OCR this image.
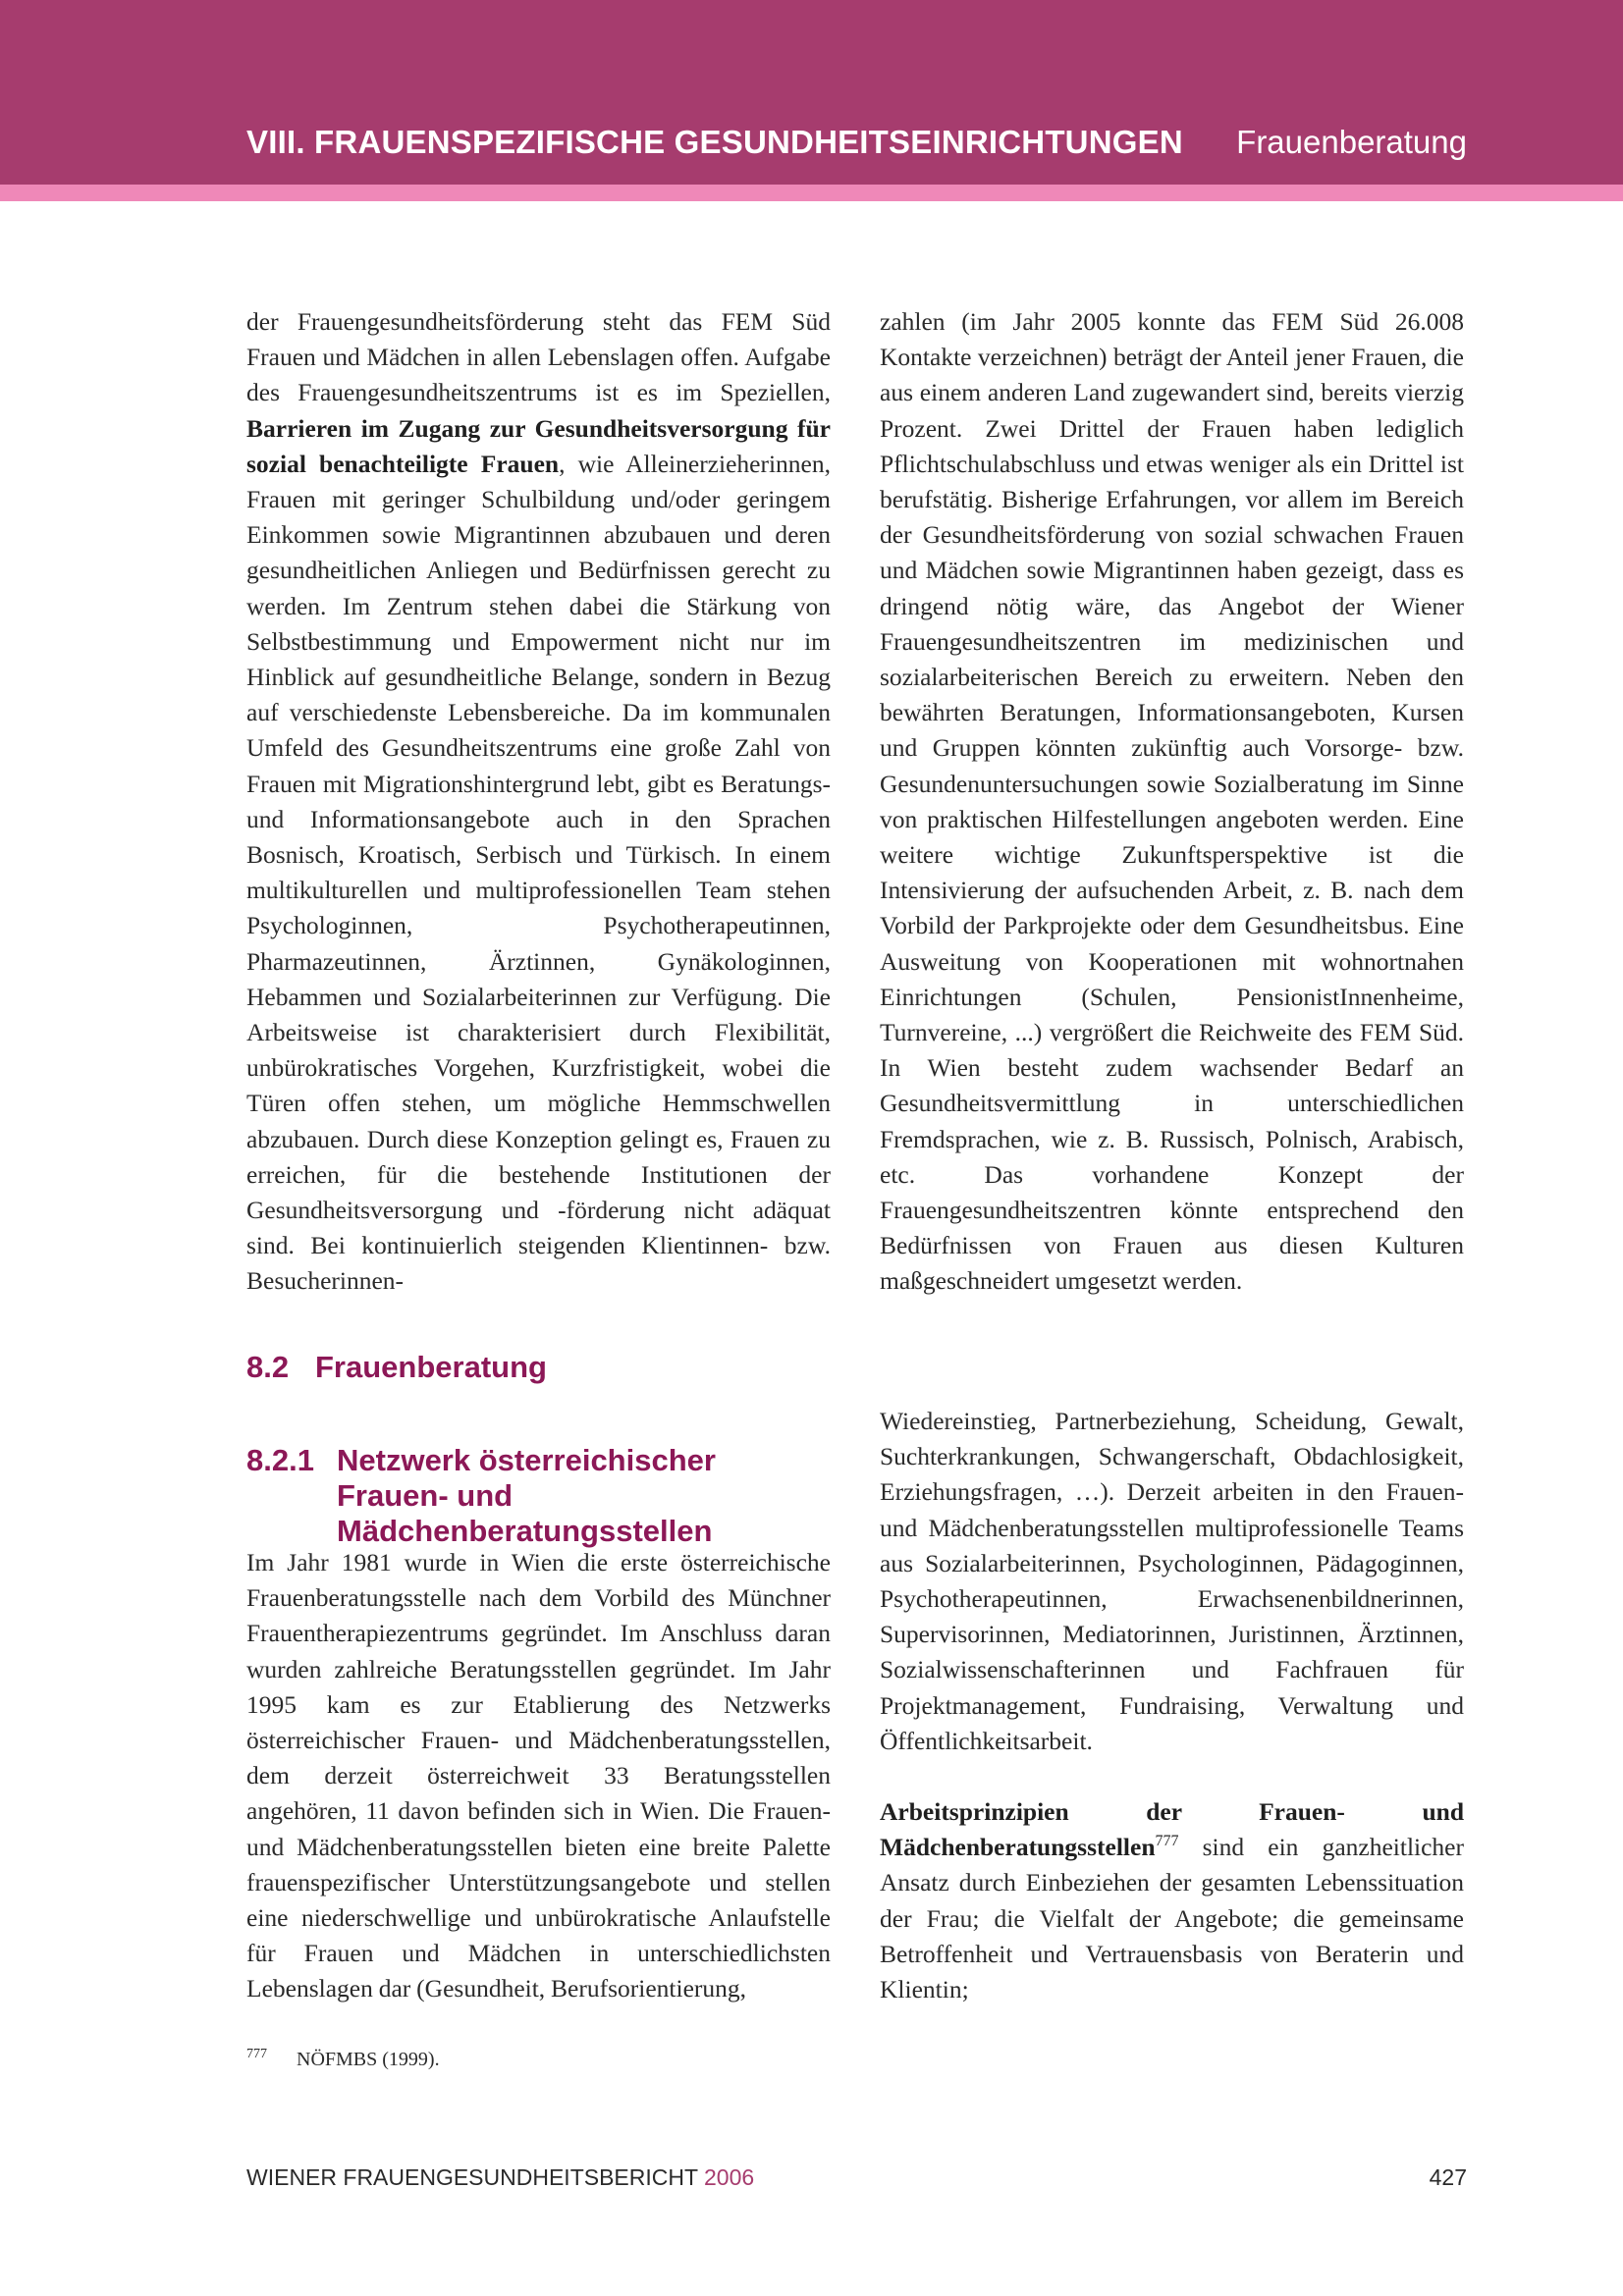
VIII. FRAUENSPEZIFISCHE GESUNDHEITSEINRICHTUNGEN Frauenberatung

der Frauengesundheitsförderung steht das FEM Süd Frauen und Mädchen in allen Lebenslagen offen. Aufgabe des Frauengesundheitszentrums ist es im Speziellen, Barrieren im Zugang zur Gesundheitsversorgung für sozial benachteiligte Frauen, wie Alleinerzieherinnen, Frauen mit geringer Schulbildung und/oder geringem Einkommen sowie Migrantinnen abzubauen und deren gesundheitlichen Anliegen und Bedürfnissen gerecht zu werden. Im Zentrum stehen dabei die Stärkung von Selbstbestimmung und Empowerment nicht nur im Hinblick auf gesundheitliche Belange, sondern in Bezug auf verschiedenste Lebensbereiche. Da im kommunalen Umfeld des Gesundheitszentrums eine große Zahl von Frauen mit Migrationshintergrund lebt, gibt es Beratungs- und Informationsangebote auch in den Sprachen Bosnisch, Kroatisch, Serbisch und Türkisch. In einem multikulturellen und multiprofessionellen Team stehen Psychologinnen, Psychotherapeutinnen, Pharmazeutinnen, Ärztinnen, Gynäkologinnen, Hebammen und Sozialarbeiterinnen zur Verfügung. Die Arbeitsweise ist charakterisiert durch Flexibilität, unbürokratisches Vorgehen, Kurzfristigkeit, wobei die Türen offen stehen, um mögliche Hemmschwellen abzubauen. Durch diese Konzeption gelingt es, Frauen zu erreichen, für die bestehende Institutionen der Gesundheitsversorgung und -förderung nicht adäquat sind. Bei kontinuierlich steigenden Klientinnen- bzw. Besucherinnen-

zahlen (im Jahr 2005 konnte das FEM Süd 26.008 Kontakte verzeichnen) beträgt der Anteil jener Frauen, die aus einem anderen Land zugewandert sind, bereits vierzig Prozent. Zwei Drittel der Frauen haben lediglich Pflichtschulabschluss und etwas weniger als ein Drittel ist berufstätig. Bisherige Erfahrungen, vor allem im Bereich der Gesundheitsförderung von sozial schwachen Frauen und Mädchen sowie Migrantinnen haben gezeigt, dass es dringend nötig wäre, das Angebot der Wiener Frauengesundheitszentren im medizinischen und sozialarbeiterischen Bereich zu erweitern. Neben den bewährten Beratungen, Informationsangeboten, Kursen und Gruppen könnten zukünftig auch Vorsorge- bzw. Gesundenuntersuchungen sowie Sozialberatung im Sinne von praktischen Hilfestellungen angeboten werden. Eine weitere wichtige Zukunftsperspektive ist die Intensivierung der aufsuchenden Arbeit, z. B. nach dem Vorbild der Parkprojekte oder dem Gesundheitsbus. Eine Ausweitung von Kooperationen mit wohnortnahen Einrichtungen (Schulen, PensionistInnenheime, Turnvereine, ...) vergrößert die Reichweite des FEM Süd. In Wien besteht zudem wachsender Bedarf an Gesundheitsvermittlung in unterschiedlichen Fremdsprachen, wie z. B. Russisch, Polnisch, Arabisch, etc. Das vorhandene Konzept der Frauengesundheitszentren könnte entsprechend den Bedürfnissen von Frauen aus diesen Kulturen maßgeschneidert umgesetzt werden.

8.2 Frauenberatung
8.2.1 Netzwerk österreichischer Frauen- und Mädchenberatungsstellen

Im Jahr 1981 wurde in Wien die erste österreichische Frauenberatungsstelle nach dem Vorbild des Münchner Frauentherapiezentrums gegründet. Im Anschluss daran wurden zahlreiche Beratungsstellen gegründet. Im Jahr 1995 kam es zur Etablierung des Netzwerks österreichischer Frauen- und Mädchenberatungsstellen, dem derzeit österreichweit 33 Beratungsstellen angehören, 11 davon befinden sich in Wien. Die Frauen- und Mädchenberatungsstellen bieten eine breite Palette frauenspezifischer Unterstützungsangebote und stellen eine niederschwellige und unbürokratische Anlaufstelle für Frauen und Mädchen in unterschiedlichsten Lebenslagen dar (Gesundheit, Berufsorientierung,

Wiedereinstieg, Partnerbeziehung, Scheidung, Gewalt, Suchterkrankungen, Schwangerschaft, Obdachlosigkeit, Erziehungsfragen, …). Derzeit arbeiten in den Frauen- und Mädchenberatungsstellen multiprofessionelle Teams aus Sozialarbeiterinnen, Psychologinnen, Pädagoginnen, Psychotherapeutinnen, Erwachsenenbildnerinnen, Supervisorinnen, Mediatorinnen, Juristinnen, Ärztinnen, Sozialwissenschafterinnen und Fachfrauen für Projektmanagement, Fundraising, Verwaltung und Öffentlichkeitsarbeit.

Arbeitsprinzipien der Frauen- und Mädchenberatungsstellen$^{777}$ sind ein ganzheitlicher Ansatz durch Einbeziehen der gesamten Lebenssituation der Frau; die Vielfalt der Angebote; die gemeinsame Betroffenheit und Vertrauensbasis von Beraterin und Klientin;

$^{777}$ NÖFMBS (1999).
WIENER FRAUENGESUNDHEITSBERICHT 2006	427
